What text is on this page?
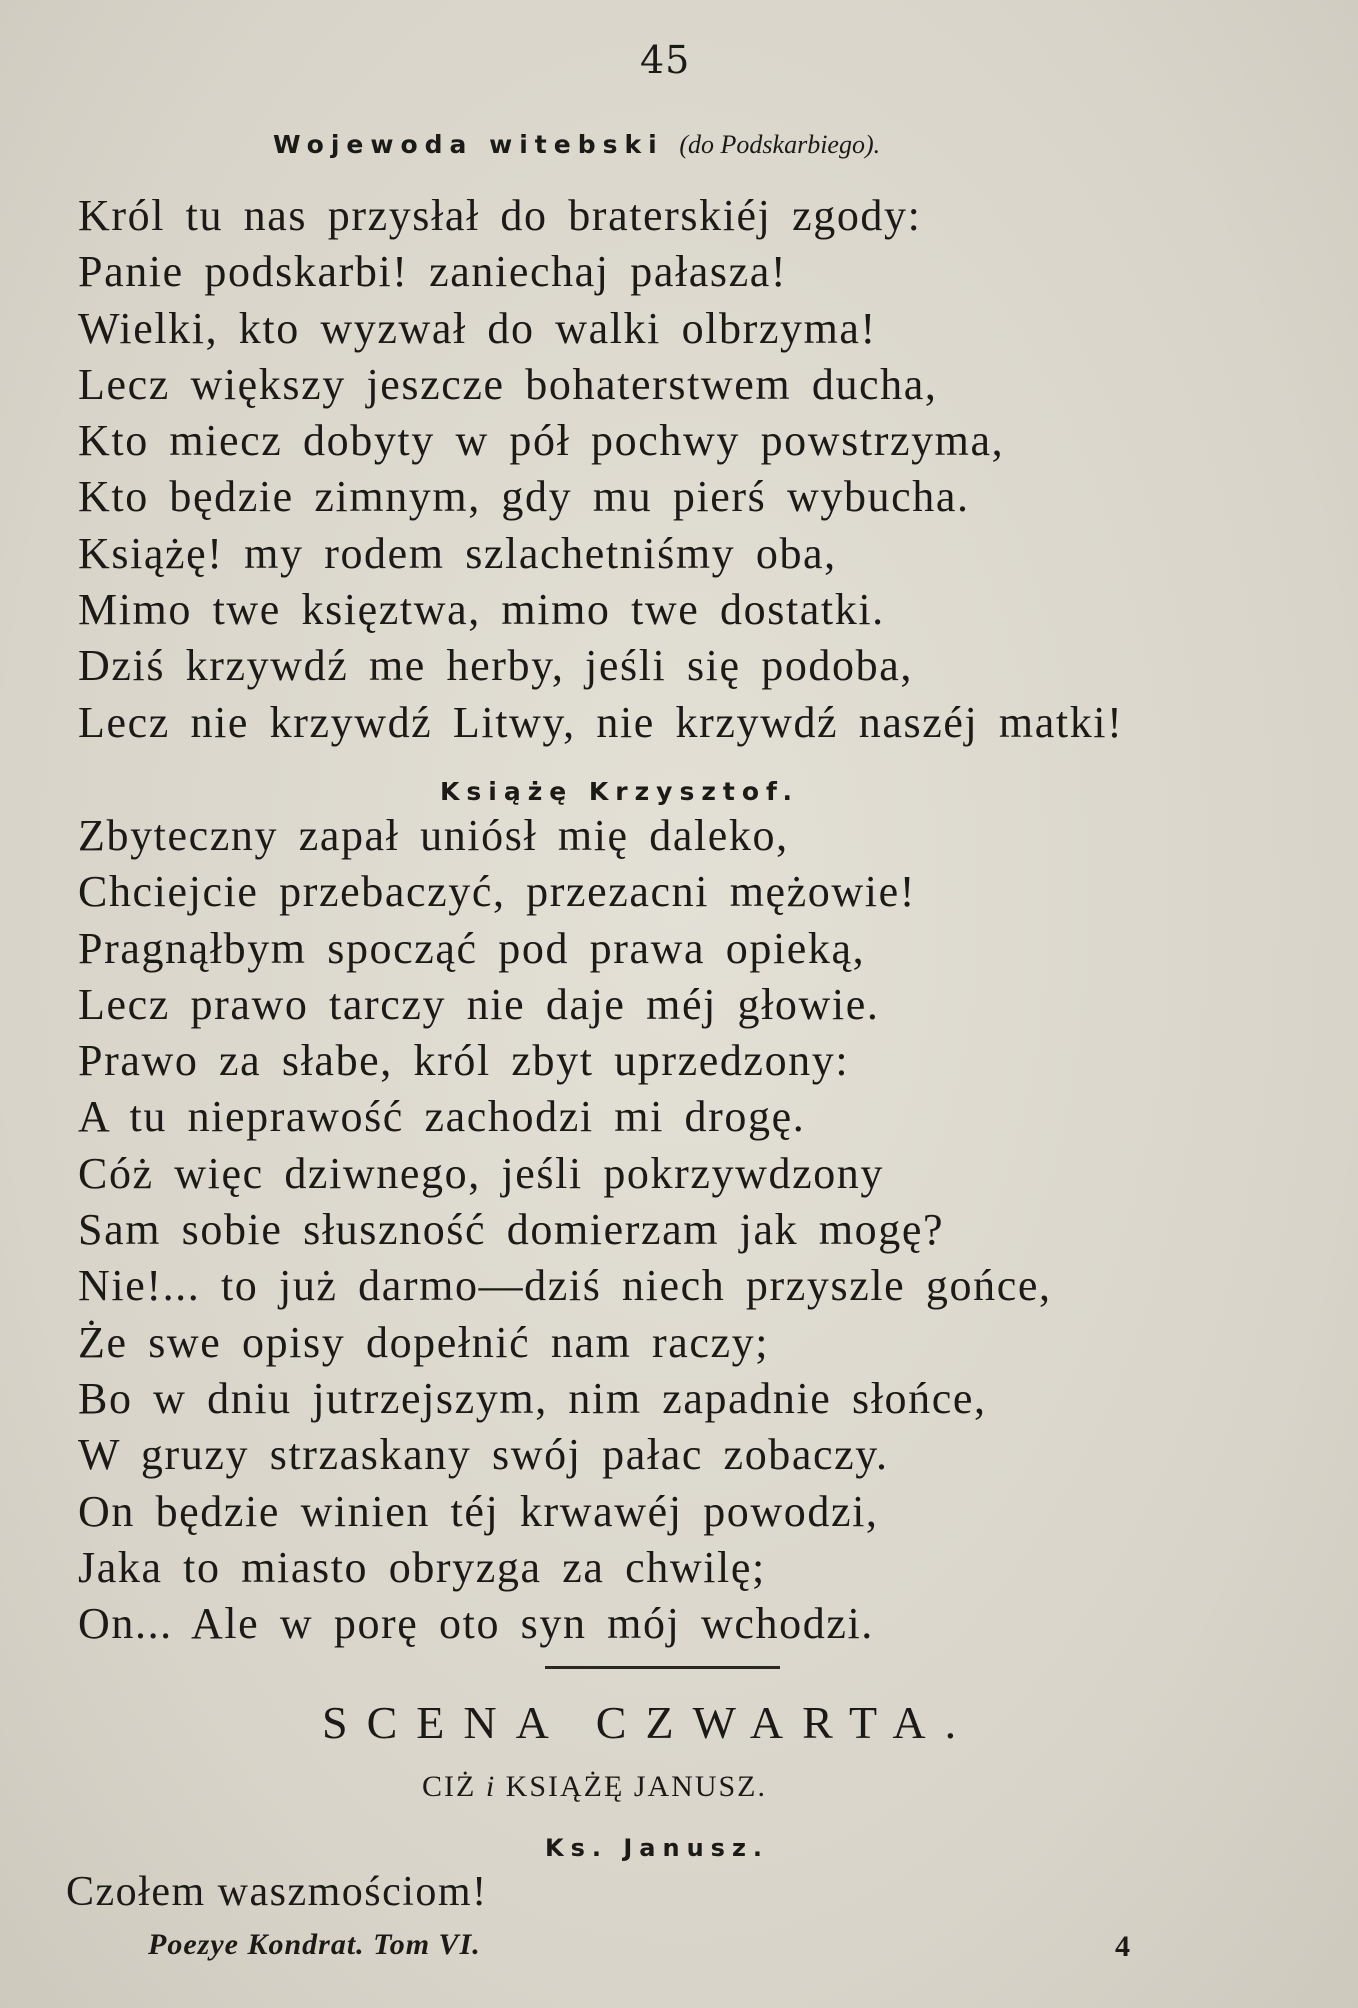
45
Wojewoda witebski (do Podskarbiego).
Król tu nas przysłał do braterskiéj zgody:
Panie podskarbi! zaniechaj pałasza!
Wielki, kto wyzwał do walki olbrzyma!
Lecz większy jeszcze bohaterstwem ducha,
Kto miecz dobyty w pół pochwy powstrzyma,
Kto będzie zimnym, gdy mu pierś wybucha.
Książę! my rodem szlachetniśmy oba,
Mimo twe księztwa, mimo twe dostatki.
Dziś krzywdź me herby, jeśli się podoba,
Lecz nie krzywdź Litwy, nie krzywdź naszéj matki!
Książę Krzysztof.
Zbyteczny zapał uniósł mię daleko,
Chciejcie przebaczyć, przezacni mężowie!
Pragnąłbym spocząć pod prawa opieką,
Lecz prawo tarczy nie daje méj głowie.
Prawo za słabe, król zbyt uprzedzony:
A tu nieprawość zachodzi mi drogę.
Cóż więc dziwnego, jeśli pokrzywdzony
Sam sobie słuszność domierzam jak mogę?
Nie!... to już darmo—dziś niech przyszle gońce,
Że swe opisy dopełnić nam raczy;
Bo w dniu jutrzejszym, nim zapadnie słońce,
W gruzy strzaskany swój pałac zobaczy.
On będzie winien téj krwawéj powodzi,
Jaka to miasto obryzga za chwilę;
On... Ale w porę oto syn mój wchodzi.
SCENA CZWARTA.
CIŻ i KSIĄŻĘ JANUSZ.
Ks. Janusz.
Czołem waszmościom!
Poezye Kondrat. Tom VI.	4
